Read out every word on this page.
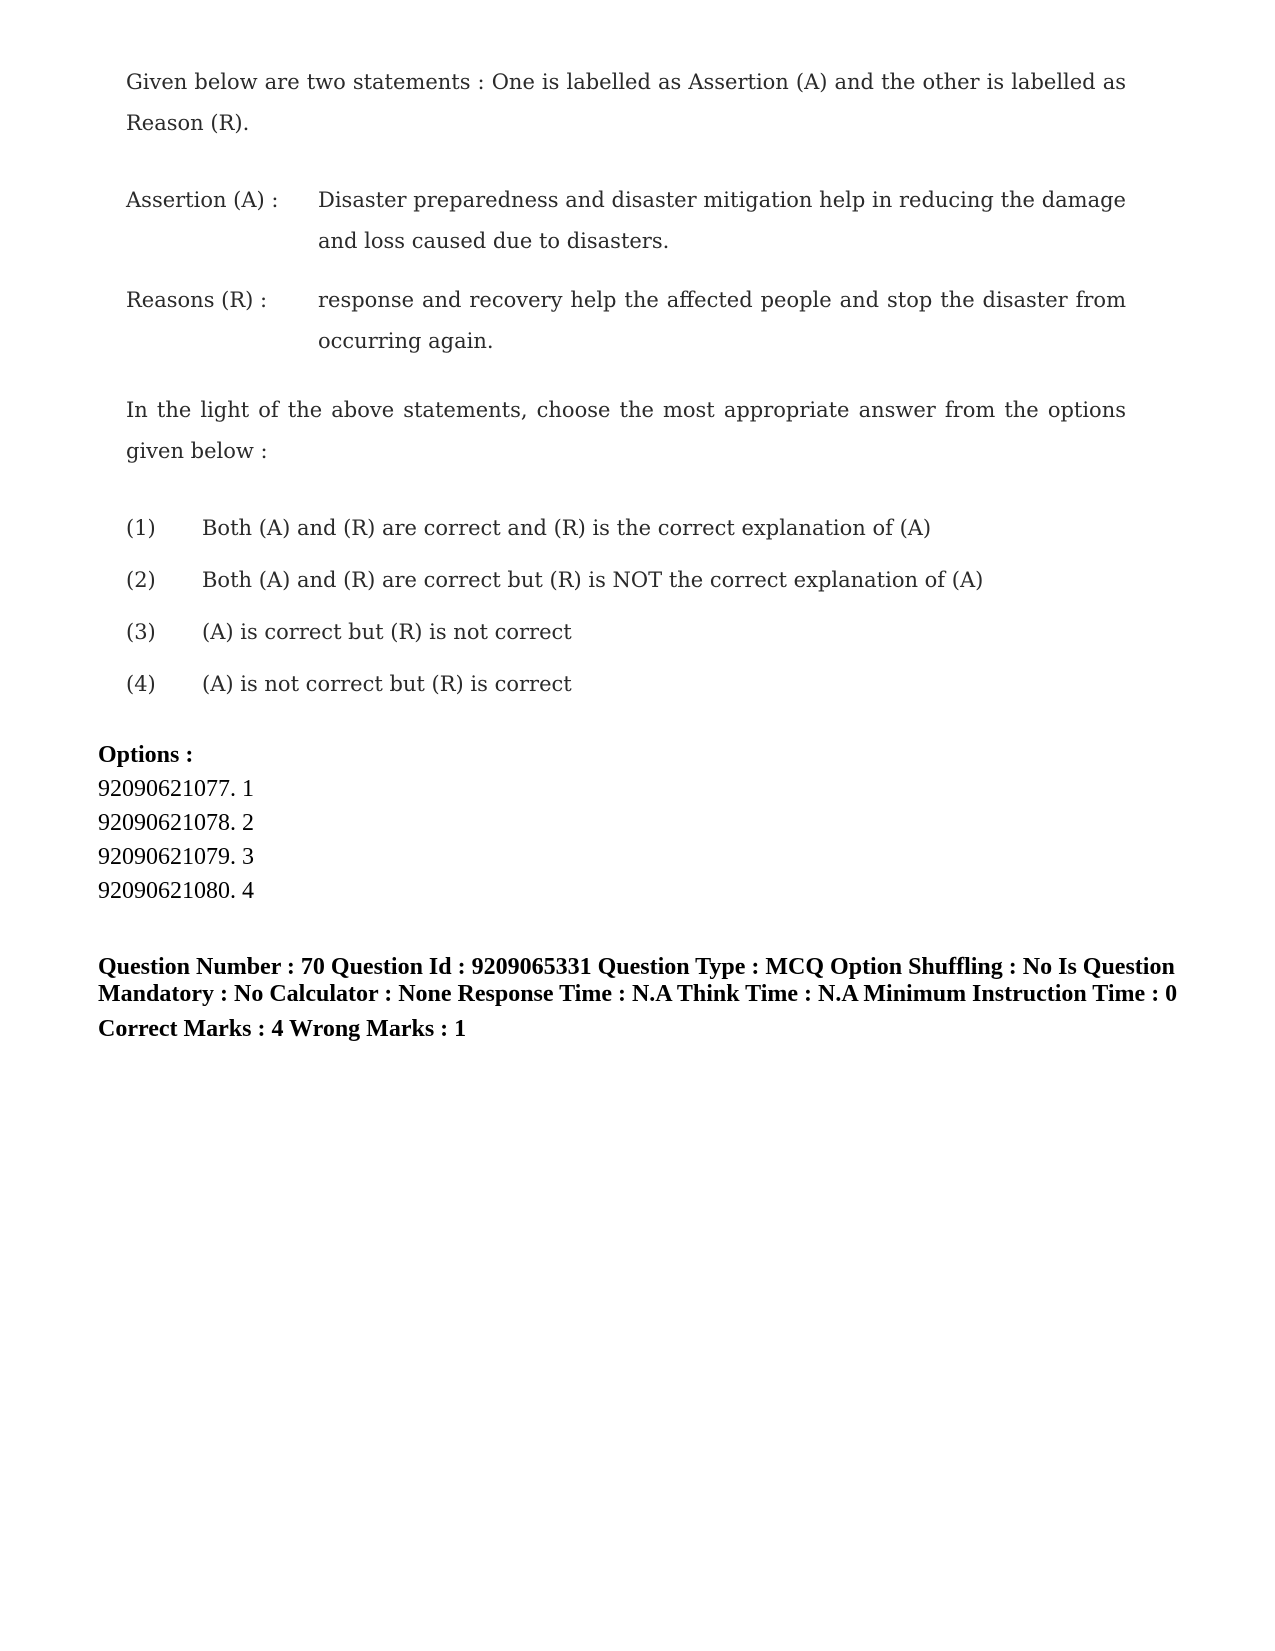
Given below are two statements : One is labelled as Assertion (A) and the other is labelled as Reason (R).

Assertion (A) :	Disaster preparedness and disaster mitigation help in reducing the damage and loss caused due to disasters.
Reasons (R) :	response and recovery help the affected people and stop the disaster from occurring again.

In the light of the above statements, choose the most appropriate answer from the options given below :

(1)	Both (A) and (R) are correct and (R) is the correct explanation of (A)
(2)	Both (A) and (R) are correct but (R) is NOT the correct explanation of (A)
(3)	(A) is correct but (R) is not correct
(4)	(A) is not correct but (R) is correct
Options :
92090621077. 1
92090621078. 2
92090621079. 3
92090621080. 4
Question Number : 70 Question Id : 9209065331 Question Type : MCQ Option Shuffling : No Is Question Mandatory : No Calculator : None Response Time : N.A Think Time : N.A Minimum Instruction Time : 0
Correct Marks : 4 Wrong Marks : 1
